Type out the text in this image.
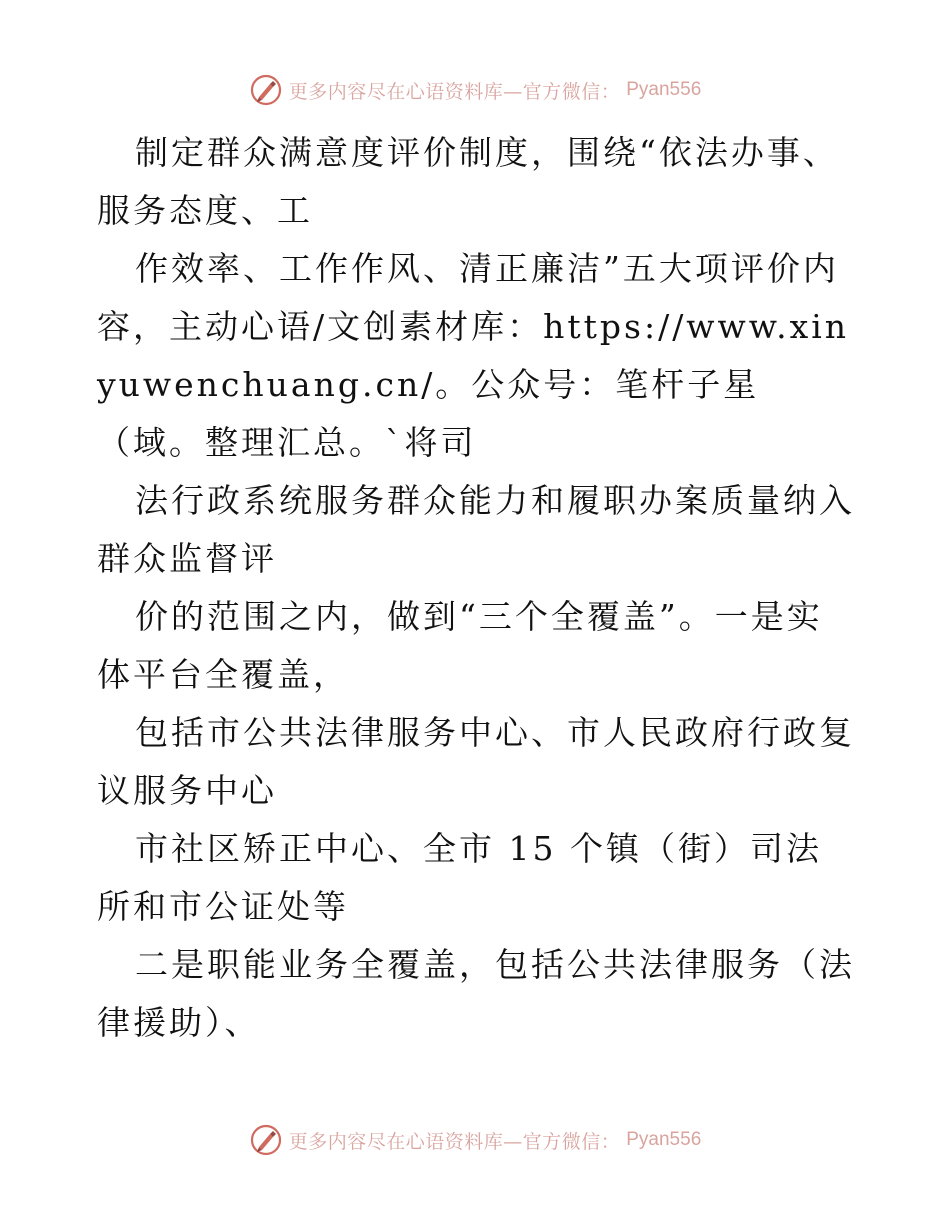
更多内容尽在心语资料库—官方微信： Pyan556

制定群众满意度评价制度，围绕“依法办事、服务态度、工

作效率、工作作风、清正廉洁”五大项评价内容，主动心语/文创素材库：https://www.xinyuwenchuang.cn/。公众号：笔杆子星（域。整理汇总。`将司

法行政系统服务群众能力和履职办案质量纳入群众监督评

价的范围之内，做到“三个全覆盖”。一是实体平台全覆盖，

包括市公共法律服务中心、市人民政府行政复议服务中心

市社区矫正中心、全市 15 个镇（街）司法所和市公证处等

二是职能业务全覆盖，包括公共法律服务（法律援助）、

更多内容尽在心语资料库—官方微信： Pyan556
